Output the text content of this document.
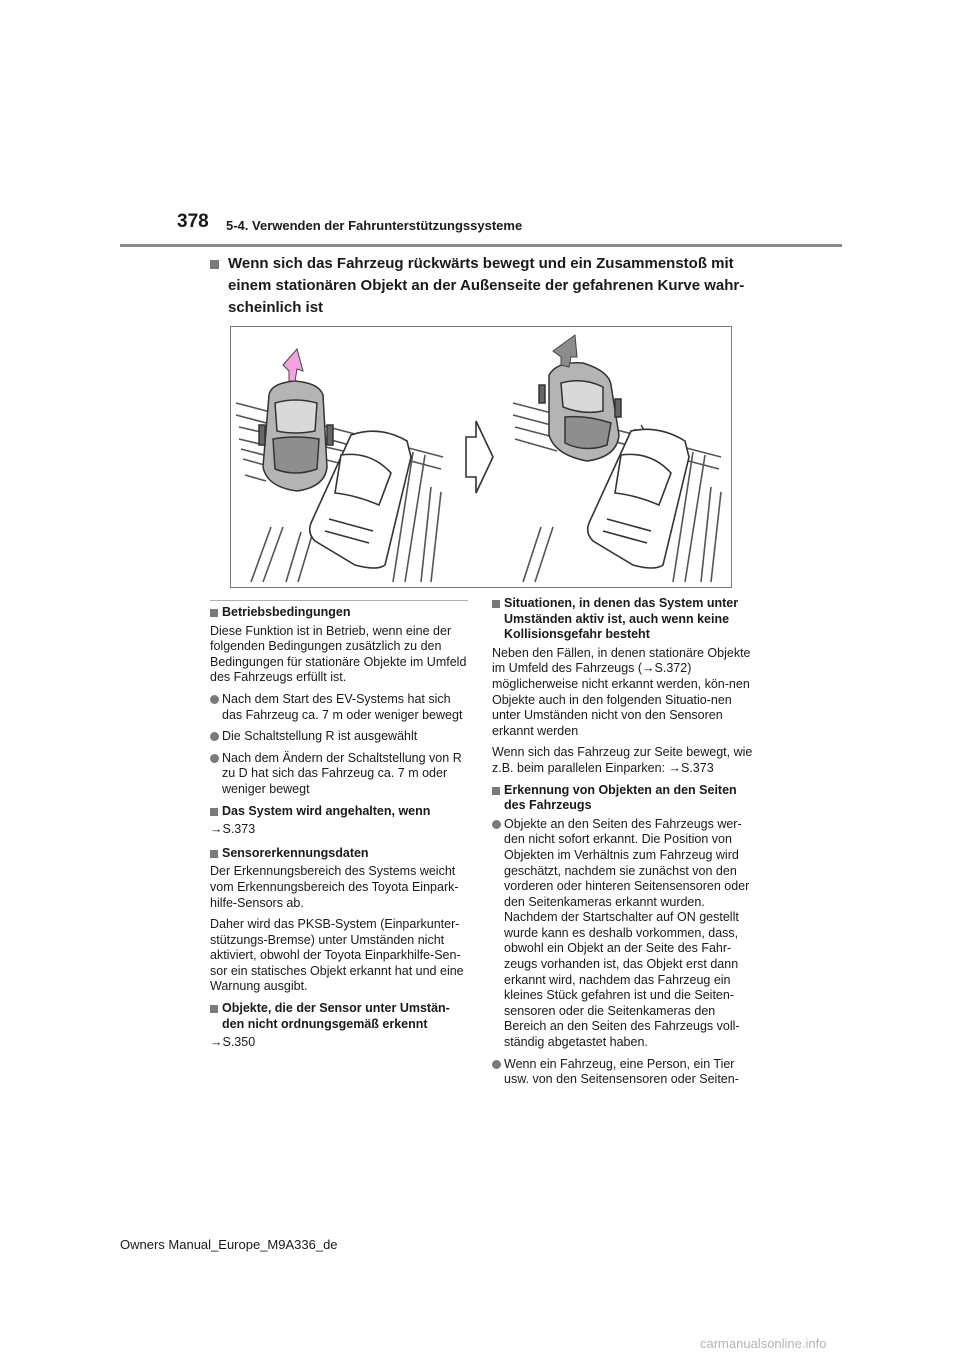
378 5-4. Verwenden der Fahrunterstützungssysteme
Wenn sich das Fahrzeug rückwärts bewegt und ein Zusammenstoß mit einem stationären Objekt an der Außenseite der gefahrenen Kurve wahr-scheinlich ist
Betriebsbedingungen
Diese Funktion ist in Betrieb, wenn eine der folgenden Bedingungen zusätzlich zu den Bedingungen für stationäre Objekte im Umfeld des Fahrzeugs erfüllt ist.
Nach dem Start des EV-Systems hat sich das Fahrzeug ca. 7 m oder weniger bewegt
Die Schaltstellung R ist ausgewählt
Nach dem Ändern der Schaltstellung von R zu D hat sich das Fahrzeug ca. 7 m oder weniger bewegt
Das System wird angehalten, wenn
→S.373
Sensorerkennungsdaten
Der Erkennungsbereich des Systems weicht vom Erkennungsbereich des Toyota Einpark-hilfe-Sensors ab.
Daher wird das PKSB-System (Einparkunter-stützungs-Bremse) unter Umständen nicht aktiviert, obwohl der Toyota Einparkhilfe-Sen-sor ein statisches Objekt erkannt hat und eine Warnung ausgibt.
Objekte, die der Sensor unter Umstän-den nicht ordnungsgemäß erkennt
→S.350
Situationen, in denen das System unter Umständen aktiv ist, auch wenn keine Kollisionsgefahr besteht
Neben den Fällen, in denen stationäre Objekte im Umfeld des Fahrzeugs (→S.372) möglicherweise nicht erkannt werden, kön-nen Objekte auch in den folgenden Situatio-nen unter Umständen nicht von den Sensoren erkannt werden
Wenn sich das Fahrzeug zur Seite bewegt, wie z.B. beim parallelen Einparken: →S.373
Erkennung von Objekten an den Seiten des Fahrzeugs
Objekte an den Seiten des Fahrzeugs wer-den nicht sofort erkannt. Die Position von Objekten im Verhältnis zum Fahrzeug wird geschätzt, nachdem sie zunächst von den vorderen oder hinteren Seitensensoren oder den Seitenkameras erkannt wurden. Nachdem der Startschalter auf ON gestellt wurde kann es deshalb vorkommen, dass, obwohl ein Objekt an der Seite des Fahr-zeugs vorhanden ist, das Objekt erst dann erkannt wird, nachdem das Fahrzeug ein kleines Stück gefahren ist und die Seiten-sensoren oder die Seitenkameras den Bereich an den Seiten des Fahrzeugs voll-ständig abgetastet haben.
Wenn ein Fahrzeug, eine Person, ein Tier usw. von den Seitensensoren oder Seiten-
Owners Manual_Europe_M9A336_de
carmanualsonline.info
